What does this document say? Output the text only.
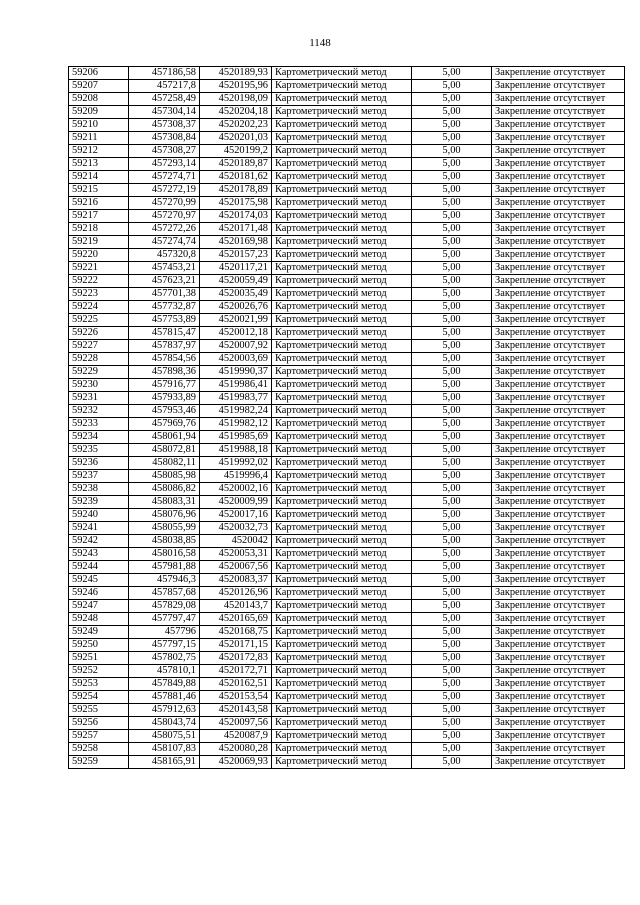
1148
59206	457186,58	4520189,93	Картометрический метод	5,00	Закрепление отсутствует
59207	457217,8	4520195,96	Картометрический метод	5,00	Закрепление отсутствует
59208	457258,49	4520198,09	Картометрический метод	5,00	Закрепление отсутствует
59209	457304,14	4520204,18	Картометрический метод	5,00	Закрепление отсутствует
59210	457308,37	4520202,23	Картометрический метод	5,00	Закрепление отсутствует
59211	457308,84	4520201,03	Картометрический метод	5,00	Закрепление отсутствует
59212	457308,27	4520199,2	Картометрический метод	5,00	Закрепление отсутствует
59213	457293,14	4520189,87	Картометрический метод	5,00	Закрепление отсутствует
59214	457274,71	4520181,62	Картометрический метод	5,00	Закрепление отсутствует
59215	457272,19	4520178,89	Картометрический метод	5,00	Закрепление отсутствует
59216	457270,99	4520175,98	Картометрический метод	5,00	Закрепление отсутствует
59217	457270,97	4520174,03	Картометрический метод	5,00	Закрепление отсутствует
59218	457272,26	4520171,48	Картометрический метод	5,00	Закрепление отсутствует
59219	457274,74	4520169,98	Картометрический метод	5,00	Закрепление отсутствует
59220	457320,8	4520157,23	Картометрический метод	5,00	Закрепление отсутствует
59221	457453,21	4520117,21	Картометрический метод	5,00	Закрепление отсутствует
59222	457623,21	4520059,49	Картометрический метод	5,00	Закрепление отсутствует
59223	457701,38	4520035,49	Картометрический метод	5,00	Закрепление отсутствует
59224	457732,87	4520026,76	Картометрический метод	5,00	Закрепление отсутствует
59225	457753,89	4520021,99	Картометрический метод	5,00	Закрепление отсутствует
59226	457815,47	4520012,18	Картометрический метод	5,00	Закрепление отсутствует
59227	457837,97	4520007,92	Картометрический метод	5,00	Закрепление отсутствует
59228	457854,56	4520003,69	Картометрический метод	5,00	Закрепление отсутствует
59229	457898,36	4519990,37	Картометрический метод	5,00	Закрепление отсутствует
59230	457916,77	4519986,41	Картометрический метод	5,00	Закрепление отсутствует
59231	457933,89	4519983,77	Картометрический метод	5,00	Закрепление отсутствует
59232	457953,46	4519982,24	Картометрический метод	5,00	Закрепление отсутствует
59233	457969,76	4519982,12	Картометрический метод	5,00	Закрепление отсутствует
59234	458061,94	4519985,69	Картометрический метод	5,00	Закрепление отсутствует
59235	458072,81	4519988,18	Картометрический метод	5,00	Закрепление отсутствует
59236	458082,11	4519992,02	Картометрический метод	5,00	Закрепление отсутствует
59237	458085,98	4519996,4	Картометрический метод	5,00	Закрепление отсутствует
59238	458086,82	4520002,16	Картометрический метод	5,00	Закрепление отсутствует
59239	458083,31	4520009,99	Картометрический метод	5,00	Закрепление отсутствует
59240	458076,96	4520017,16	Картометрический метод	5,00	Закрепление отсутствует
59241	458055,99	4520032,73	Картометрический метод	5,00	Закрепление отсутствует
59242	458038,85	4520042	Картометрический метод	5,00	Закрепление отсутствует
59243	458016,58	4520053,31	Картометрический метод	5,00	Закрепление отсутствует
59244	457981,88	4520067,56	Картометрический метод	5,00	Закрепление отсутствует
59245	457946,3	4520083,37	Картометрический метод	5,00	Закрепление отсутствует
59246	457857,68	4520126,96	Картометрический метод	5,00	Закрепление отсутствует
59247	457829,08	4520143,7	Картометрический метод	5,00	Закрепление отсутствует
59248	457797,47	4520165,69	Картометрический метод	5,00	Закрепление отсутствует
59249	457796	4520168,75	Картометрический метод	5,00	Закрепление отсутствует
59250	457797,15	4520171,15	Картометрический метод	5,00	Закрепление отсутствует
59251	457802,75	4520172,83	Картометрический метод	5,00	Закрепление отсутствует
59252	457810,1	4520172,71	Картометрический метод	5,00	Закрепление отсутствует
59253	457849,88	4520162,51	Картометрический метод	5,00	Закрепление отсутствует
59254	457881,46	4520153,54	Картометрический метод	5,00	Закрепление отсутствует
59255	457912,63	4520143,58	Картометрический метод	5,00	Закрепление отсутствует
59256	458043,74	4520097,56	Картометрический метод	5,00	Закрепление отсутствует
59257	458075,51	4520087,9	Картометрический метод	5,00	Закрепление отсутствует
59258	458107,83	4520080,28	Картометрический метод	5,00	Закрепление отсутствует
59259	458165,91	4520069,93	Картометрический метод	5,00	Закрепление отсутствует
